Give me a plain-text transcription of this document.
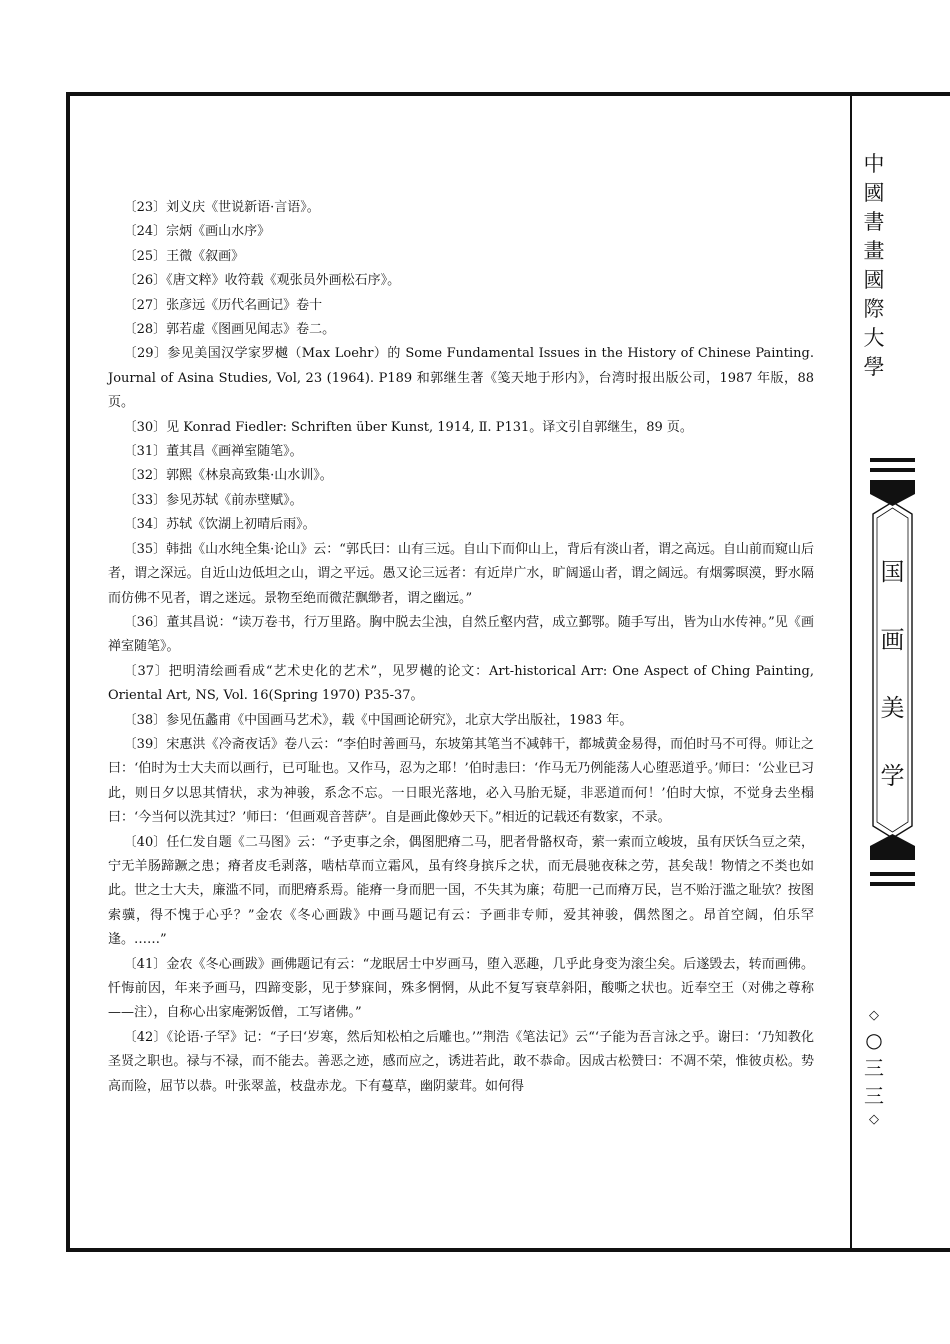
〔23〕刘义庆《世说新语·言语》。

〔24〕宗炳《画山水序》

〔25〕王微《叙画》

〔26〕《唐文粹》收符载《观张员外画松石序》。

〔27〕张彦远《历代名画记》卷十

〔28〕郭若虚《图画见闻志》卷二。

〔29〕参见美国汉学家罗樾（Max Loehr）的 Some Fundamental Issues in the History of Chinese Painting. Journal of Asina Studies, Vol, 23 (1964). P189 和郭继生著《笺天地于形内》，台湾时报出版公司，1987 年版，88 页。

〔30〕见 Konrad Fiedler: Schriften über Kunst, 1914, Ⅱ. P131。译文引自郭继生，89 页。

〔31〕董其昌《画禅室随笔》。

〔32〕郭熙《林泉高致集·山水训》。

〔33〕参见苏轼《前赤壁赋》。

〔34〕苏轼《饮湖上初晴后雨》。

〔35〕韩拙《山水纯全集·论山》云：“郭氏曰：山有三远。自山下而仰山上，背后有淡山者，谓之高远。自山前而窥山后者，谓之深远。自近山边低坦之山，谓之平远。愚又论三远者：有近岸广水，旷阔遥山者，谓之阔远。有烟雾暝漠，野水隔而仿佛不见者，谓之迷远。景物至绝而微茫飘缈者，谓之幽远。”

〔36〕董其昌说：“读万卷书，行万里路。胸中脱去尘浊，自然丘壑内营，成立鄞鄂。随手写出，皆为山水传神。”见《画禅室随笔》。

〔37〕把明清绘画看成“艺术史化的艺术”，见罗樾的论文：Art-historical Arr: One Aspect of Ching Painting, Oriental Art, NS, Vol. 16(Spring 1970) P35-37。

〔38〕参见伍蠡甫《中国画马艺术》，载《中国画论研究》，北京大学出版社，1983 年。

〔39〕宋惠洪《冷斋夜话》卷八云：“李伯时善画马，东坡第其笔当不减韩干，都城黄金易得，而伯时马不可得。师让之曰：‘伯时为士大夫而以画行，已可耻也。又作马，忍为之耶！’伯时恚曰：‘作马无乃例能荡人心堕恶道乎。’师曰：‘公业已习此，则日夕以思其情状，求为神骏，系念不忘。一日眼光落地，必入马胎无疑，非恶道而何！’伯时大惊，不觉身去坐榻曰：‘今当何以洗其过？’师曰：‘但画观音菩萨’。自是画此像妙天下。”相近的记载还有数家，不录。

〔40〕任仁发自题《二马图》云：“予吏事之余，偶图肥瘠二马，肥者骨骼权奇，萦一索而立峻坡，虽有厌饫刍豆之荣，宁无羊肠蹄蹶之患；瘠者皮毛剥落，啮枯草而立霜风，虽有终身摈斥之状，而无晨驰夜秣之劳，甚矣哉！物情之不类也如此。世之士大夫，廉滥不同，而肥瘠系焉。能瘠一身而肥一国，不失其为廉；苟肥一己而瘠万民，岂不贻汙滥之耻欤？按图索骥，得不愧于心乎？”金农《冬心画跋》中画马题记有云：予画非专师，爱其神骏，偶然图之。昂首空阔，伯乐罕逢。……”

〔41〕金农《冬心画跋》画佛题记有云：“龙眠居士中岁画马，堕入恶趣，几乎此身变为滚尘矣。后遂毁去，转而画佛。忏悔前因，年来予画马，四蹄变影，见于梦寐间，殊多惘惘，从此不复写衰草斜阳，酸嘶之状也。近奉空王（对佛之尊称——注），自称心出家庵粥饭僧，工写诸佛。”

〔42〕《论语·子罕》记：“子曰‘岁寒，然后知松柏之后雕也。’”荆浩《笔法记》云“‘子能为吾言泳之乎。谢曰：‘乃知教化圣贤之职也。禄与不禄，而不能去。善恶之迹，感而应之，诱进若此，敢不恭命。因成古松赞曰：不凋不荣，惟彼贞松。势高而险，屈节以恭。叶张翠盖，枝盘赤龙。下有蔓草，幽阴蒙茸。如何得

中
國
書
畫
國
際
大
學
国
画
美
学
◇
○
三
三
◇
